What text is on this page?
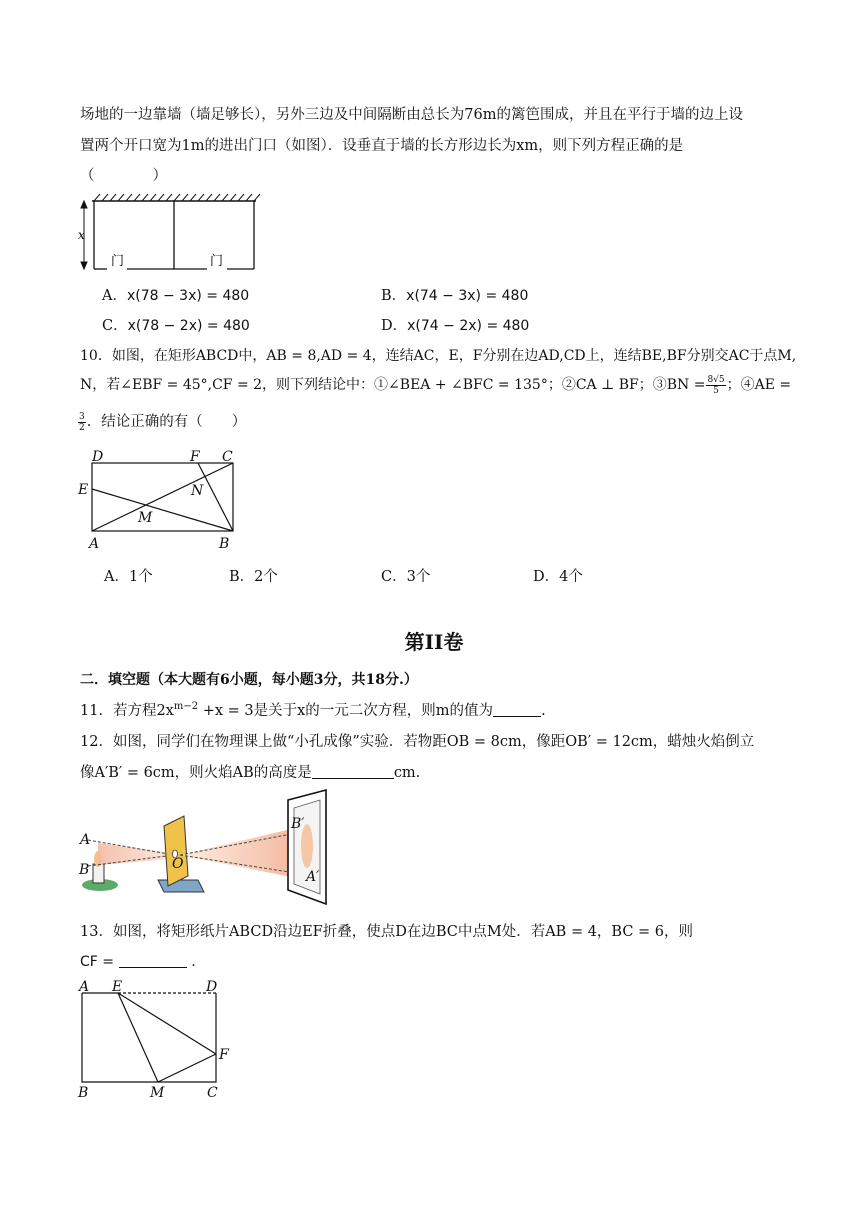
场地的一边靠墙（墙足够长），另外三边及中间隔断由总长为76m的篱笆围成，并且在平行于墙的边上设
置两个开口宽为1m的进出门口（如图）．设垂直于墙的长方形边长为xm，则下列方程正确的是
（　　　　）
x
门	门
A．x(78 − 3x) = 480	B．x(74 − 3x) = 480
C．x(78 − 2x) = 480	D．x(74 − 2x) = 480
10．如图，在矩形ABCD中，AB = 8,AD = 4，连结AC，E，F分别在边AD,CD上，连结BE,BF分别交AC于点M,
N，若∠EBF = 45°,CF = 2，则下列结论中：①∠BEA + ∠BFC = 135°；②CA ⊥ BF；③BN = $\frac{8√5}{5}$ ；④AE =
$\frac{3}{2}$ ．结论正确的有（　　）
D	F C
E	N
M
A	B
A．1个	B．2个	C．3个	D．4个
第II卷
二．填空题（本大题有6小题，每小题3分，共18分.）
11．若方程$2x^{m-2} +x = 3$是关于x的一元二次方程，则m的值为	.
12．如图，同学们在物理课上做“小孔成像”实验．若物距OB = 8cm，像距OB′ = 12cm，蜡烛火焰倒立
像A′B′ = 6cm，则火焰AB的高度是	cm.
A
B	O
B′
A′
13．如图，将矩形纸片ABCD沿边EF折叠，使点D在边BC中点M处．若AB = 4，BC = 6，则
CF =	．
A E	D
F
B	M	C
